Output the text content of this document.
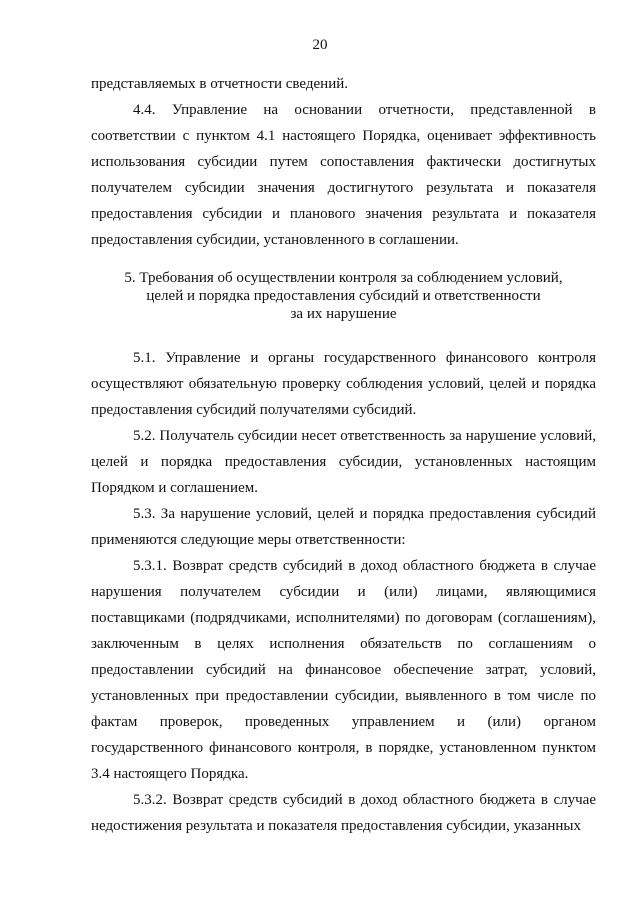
20

представляемых в отчетности сведений.

4.4. Управление на основании отчетности, представленной в соответствии с пунктом 4.1 настоящего Порядка, оценивает эффективность использования субсидии путем сопоставления фактически достигнутых получателем субсидии значения достигнутого результата и показателя предоставления субсидии и планового значения результата и показателя предоставления субсидии, установленного в соглашении.

5. Требования об осуществлении контроля за соблюдением условий,
целей и порядка предоставления субсидий и ответственности
за их нарушение

5.1. Управление и органы государственного финансового контроля осуществляют обязательную проверку соблюдения условий, целей и порядка предоставления субсидий получателями субсидий.

5.2. Получатель субсидии несет ответственность за нарушение условий, целей и порядка предоставления субсидии, установленных настоящим Порядком и соглашением.

5.3. За нарушение условий, целей и порядка предоставления субсидий применяются следующие меры ответственности:

5.3.1. Возврат средств субсидий в доход областного бюджета в случае нарушения получателем субсидии и (или) лицами, являющимися поставщиками (подрядчиками, исполнителями) по договорам (соглашениям), заключенным в целях исполнения обязательств по соглашениям о предоставлении субсидий на финансовое обеспечение затрат, условий, установленных при предоставлении субсидии, выявленного в том числе по фактам проверок, проведенных управлением и (или) органом государственного финансового контроля, в порядке, установленном пунктом 3.4 настоящего Порядка.

5.3.2. Возврат средств субсидий в доход областного бюджета в случае недостижения результата и показателя предоставления субсидии, указанных
